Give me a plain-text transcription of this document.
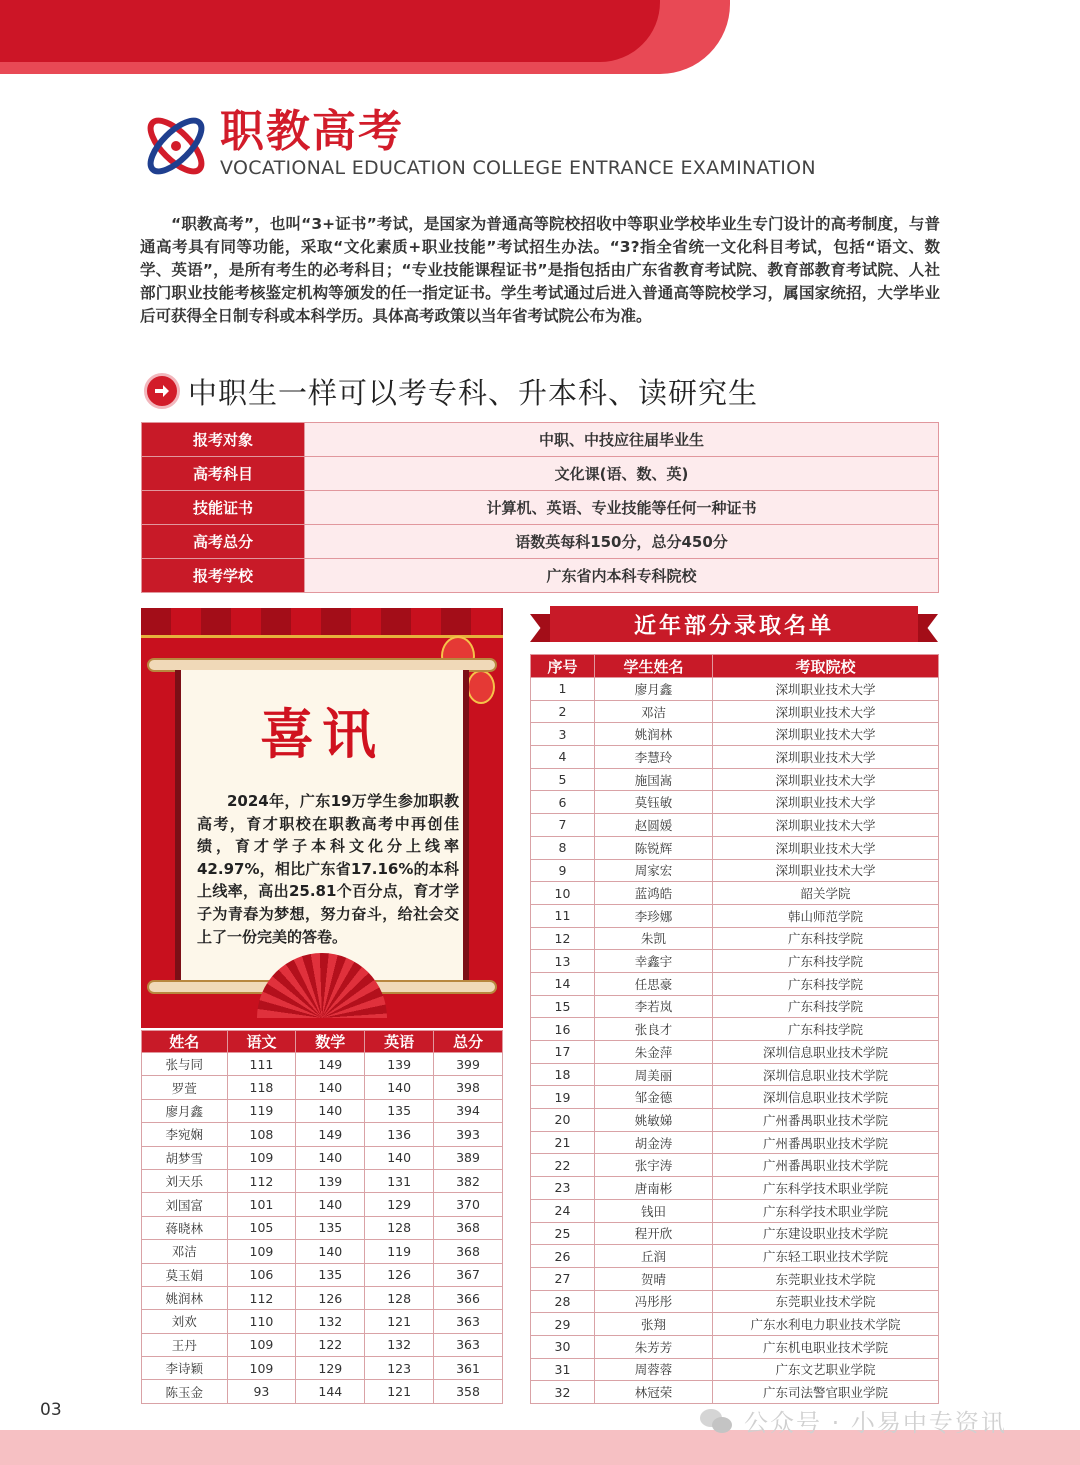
职教高考
VOCATIONAL EDUCATION COLLEGE ENTRANCE EXAMINATION

“职教高考”，也叫“3+证书”考试，是国家为普通高等院校招收中等职业学校毕业生专门设计的高考制度，与普通高考具有同等功能，采取“文化素质+职业技能”考试招生办法。“3?指全省统一文化科目考试，包括“语文、数学、英语”，是所有考生的必考科目；“专业技能课程证书”是指包括由广东省教育考试院、教育部教育考试院、人社部门职业技能考核鉴定机构等颁发的任一指定证书。学生考试通过后进入普通高等院校学习，属国家统招，大学毕业后可获得全日制专科或本科学历。具体高考政策以当年省考试院公布为准。

中职生一样可以考专科、升本科、读研究生
报考对象	中职、中技应往届毕业生
高考科目	文化课(语、数、英)
技能证书	计算机、英语、专业技能等任何一种证书
高考总分	语数英每科150分，总分450分
报考学校	广东省内本科专科院校
喜讯

2024年，广东19万学生参加职教高考，育才职校在职教高考中再创佳绩，育才学子本科文化分上线率42.97%，相比广东省17.16%的本科上线率，高出25.81个百分点，育才学子为青春为梦想，努力奋斗，给社会交上了一份完美的答卷。

姓名	语文	数学	英语	总分
张与同	111	149	139	399
罗萱	118	140	140	398
廖月鑫	119	140	135	394
李宛娴	108	149	136	393
胡梦雪	109	140	140	389
刘天乐	112	139	131	382
刘国富	101	140	129	370
蒋晓林	105	135	128	368
邓洁	109	140	119	368
莫玉娟	106	135	126	367
姚润林	112	126	128	366
刘欢	110	132	121	363
王丹	109	122	132	363
李诗颖	109	129	123	361
陈玉金	93	144	121	358
近年部分录取名单
序号	学生姓名	考取院校
1	廖月鑫	深圳职业技术大学
2	邓洁	深圳职业技术大学
3	姚润林	深圳职业技术大学
4	李慧玲	深圳职业技术大学
5	施国嵩	深圳职业技术大学
6	莫钰敏	深圳职业技术大学
7	赵圆媛	深圳职业技术大学
8	陈锐辉	深圳职业技术大学
9	周家宏	深圳职业技术大学
10	蓝鸿皓	韶关学院
11	李珍娜	韩山师范学院
12	朱凯	广东科技学院
13	幸鑫宇	广东科技学院
14	任思豪	广东科技学院
15	李若岚	广东科技学院
16	张良才	广东科技学院
17	朱金萍	深圳信息职业技术学院
18	周美丽	深圳信息职业技术学院
19	邹金德	深圳信息职业技术学院
20	姚敏娣	广州番禺职业技术学院
21	胡金涛	广州番禺职业技术学院
22	张宇涛	广州番禺职业技术学院
23	唐南彬	广东科学技术职业学院
24	钱田	广东科学技术职业学院
25	程开欣	广东建设职业技术学院
26	丘润	广东轻工职业技术学院
27	贺晴	东莞职业技术学院
28	冯彤彤	东莞职业技术学院
29	张翔	广东水利电力职业技术学院
30	朱芳芳	广东机电职业技术学院
31	周蓉蓉	广东文艺职业学院
32	林冠荣	广东司法警官职业学院
03	公众号 · 小易中专资讯
